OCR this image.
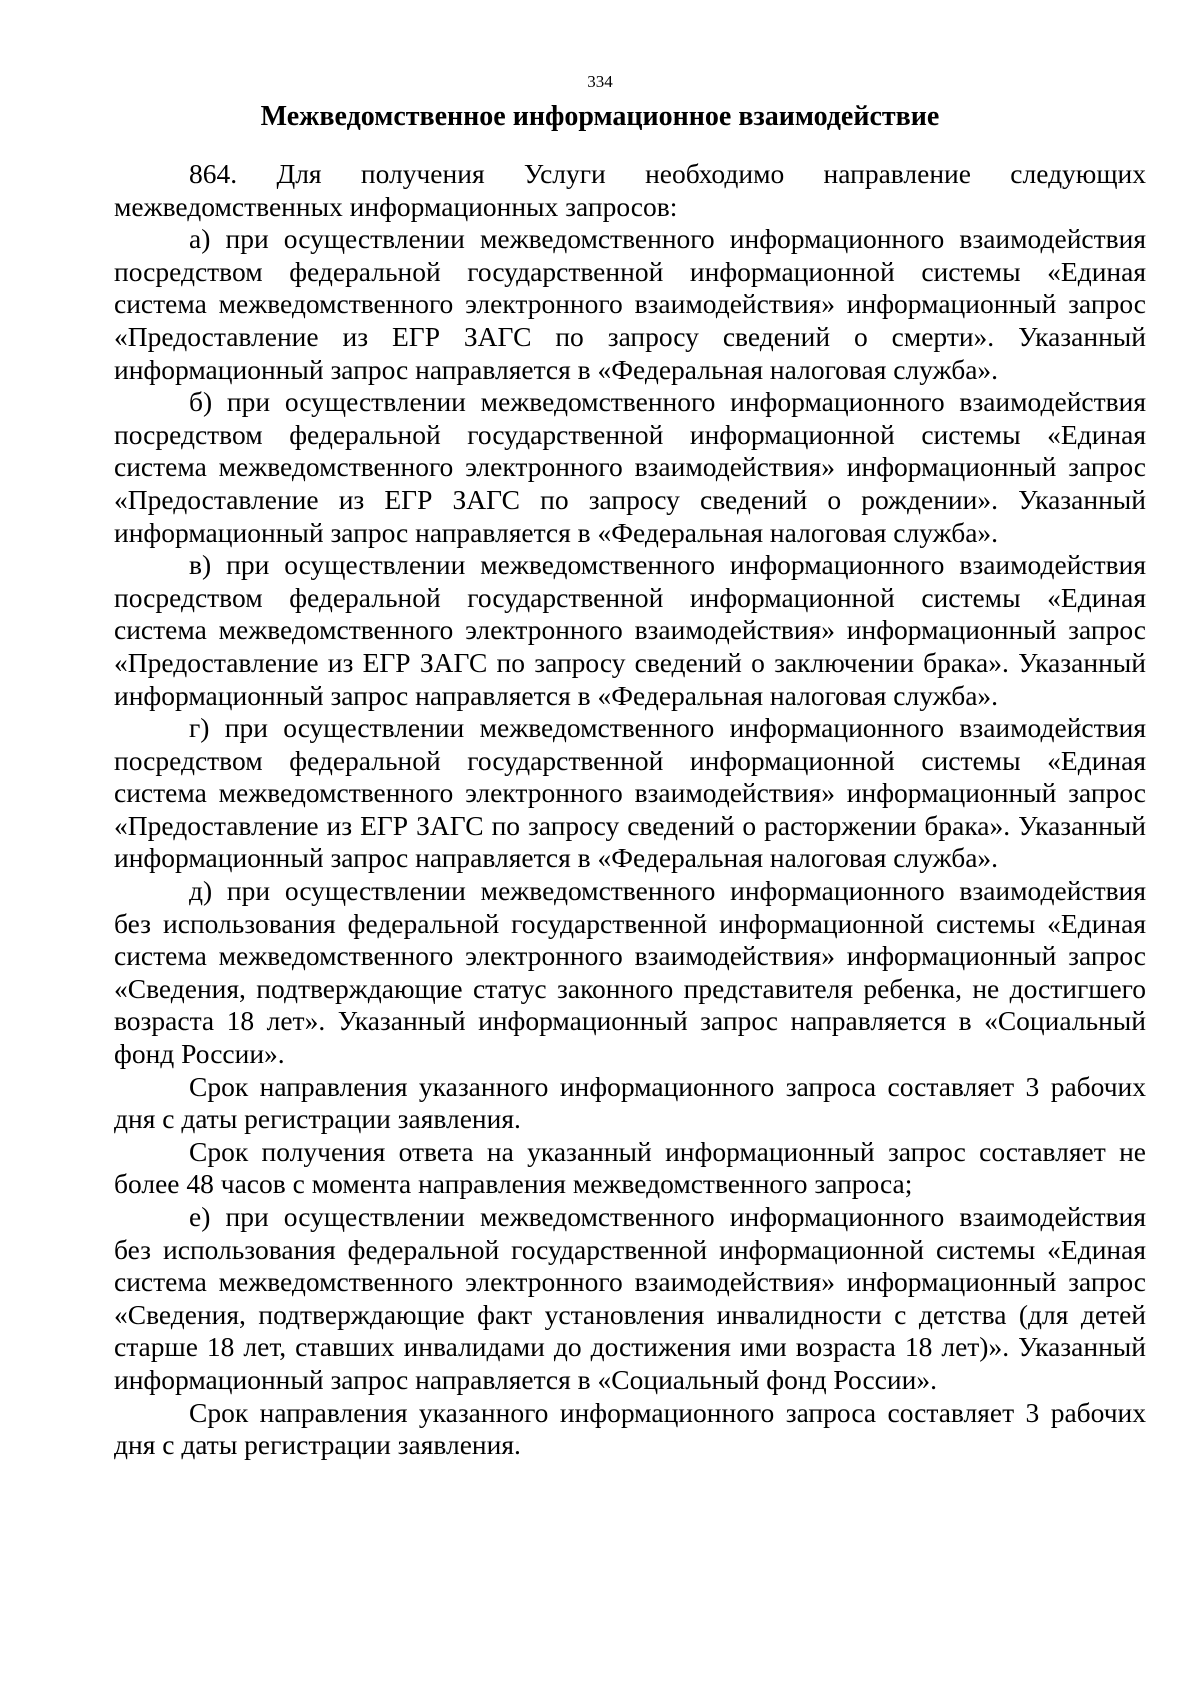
334
Межведомственное информационное взаимодействие

864. Для получения Услуги необходимо направление следующих межведомственных информационных запросов:

а) при осуществлении межведомственного информационного взаимодействия посредством федеральной государственной информационной системы «Единая система межведомственного электронного взаимодействия» информационный запрос «Предоставление из ЕГР ЗАГС по запросу сведений о смерти». Указанный информационный запрос направляется в «Федеральная налоговая служба».

б) при осуществлении межведомственного информационного взаимодействия посредством федеральной государственной информационной системы «Единая система межведомственного электронного взаимодействия» информационный запрос «Предоставление из ЕГР ЗАГС по запросу сведений о рождении». Указанный информационный запрос направляется в «Федеральная налоговая служба».

в) при осуществлении межведомственного информационного взаимодействия посредством федеральной государственной информационной системы «Единая система межведомственного электронного взаимодействия» информационный запрос «Предоставление из ЕГР ЗАГС по запросу сведений о заключении брака». Указанный информационный запрос направляется в «Федеральная налоговая служба».

г) при осуществлении межведомственного информационного взаимодействия посредством федеральной государственной информационной системы «Единая система межведомственного электронного взаимодействия» информационный запрос «Предоставление из ЕГР ЗАГС по запросу сведений о расторжении брака». Указанный информационный запрос направляется в «Федеральная налоговая служба».

д) при осуществлении межведомственного информационного взаимодействия без использования федеральной государственной информационной системы «Единая система межведомственного электронного взаимодействия» информационный запрос «Сведения, подтверждающие статус законного представителя ребенка, не достигшего возраста 18 лет». Указанный информационный запрос направляется в «Социальный фонд России».

Срок направления указанного информационного запроса составляет 3 рабочих дня с даты регистрации заявления.

Срок получения ответа на указанный информационный запрос составляет не более 48 часов с момента направления межведомственного запроса;

е) при осуществлении межведомственного информационного взаимодействия без использования федеральной государственной информационной системы «Единая система межведомственного электронного взаимодействия» информационный запрос «Сведения, подтверждающие факт установления инвалидности с детства (для детей старше 18 лет, ставших инвалидами до достижения ими возраста 18 лет)». Указанный информационный запрос направляется в «Социальный фонд России».

Срок направления указанного информационного запроса составляет 3 рабочих дня с даты регистрации заявления.
